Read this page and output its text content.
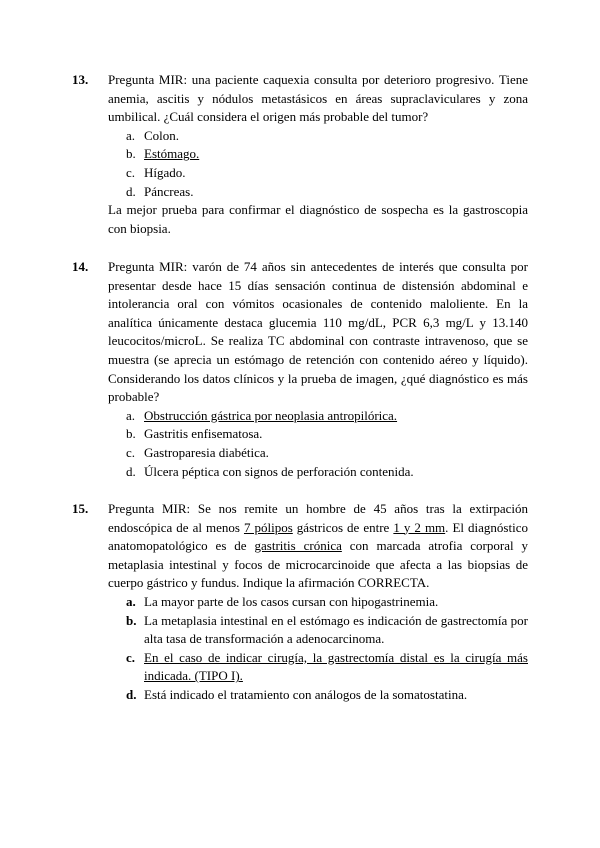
13. Pregunta MIR: una paciente caquexia consulta por deterioro progresivo. Tiene anemia, ascitis y nódulos metastásicos en áreas supraclaviculares y zona umbilical. ¿Cuál considera el origen más probable del tumor?

a. Colon.
b. Estómago.
c. Hígado.
d. Páncreas.

La mejor prueba para confirmar el diagnóstico de sospecha es la gastroscopia con biopsia.

14. Pregunta MIR: varón de 74 años sin antecedentes de interés que consulta por presentar desde hace 15 días sensación continua de distensión abdominal e intolerancia oral con vómitos ocasionales de contenido maloliente. En la analítica únicamente destaca glucemia 110 mg/dL, PCR 6,3 mg/L y 13.140 leucocitos/microL. Se realiza TC abdominal con contraste intravenoso, que se muestra (se aprecia un estómago de retención con contenido aéreo y líquido). Considerando los datos clínicos y la prueba de imagen, ¿qué diagnóstico es más probable?

a. Obstrucción gástrica por neoplasia antropilórica.
b. Gastritis enfisematosa.
c. Gastroparesia diabética.
d. Úlcera péptica con signos de perforación contenida.
15. Pregunta MIR: Se nos remite un hombre de 45 años tras la extirpación endoscópica de al menos 7 pólipos gástricos de entre 1 y 2 mm. El diagnóstico anatomopatológico es de gastritis crónica con marcada atrofia corporal y metaplasia intestinal y focos de microcarcinoide que afecta a las biopsias de cuerpo gástrico y fundus. Indique la afirmación CORRECTA.

a. La mayor parte de los casos cursan con hipogastrinemia.
b. La metaplasia intestinal en el estómago es indicación de gastrectomía por alta tasa de transformación a adenocarcinoma.
c. En el caso de indicar cirugía, la gastrectomía distal es la cirugía más indicada. (TIPO I).
d. Está indicado el tratamiento con análogos de la somatostatina.
